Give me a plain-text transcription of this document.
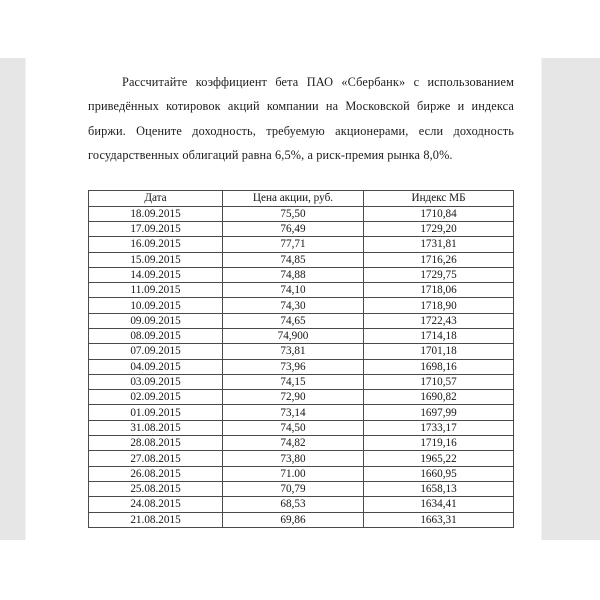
Рассчитайте коэффициент бета ПАО «Сбербанк» с использованием приведённых котировок акций компании на Московской бирже и индекса биржи. Оцените доходность, требуемую акционерами, если доходность государственных облигаций равна 6,5%, а риск-премия рынка 8,0%.

Дата	Цена акции, руб.	Индекс МБ
18.09.2015	75,50	1710,84
17.09.2015	76,49	1729,20
16.09.2015	77,71	1731,81
15.09.2015	74,85	1716,26
14.09.2015	74,88	1729,75
11.09.2015	74,10	1718,06
10.09.2015	74,30	1718,90
09.09.2015	74,65	1722,43
08.09.2015	74,900	1714,18
07.09.2015	73,81	1701,18
04.09.2015	73,96	1698,16
03.09.2015	74,15	1710,57
02.09.2015	72,90	1690,82
01.09.2015	73,14	1697,99
31.08.2015	74,50	1733,17
28.08.2015	74,82	1719,16
27.08.2015	73,80	1965,22
26.08.2015	71.00	1660,95
25.08.2015	70,79	1658,13
24.08.2015	68,53	1634,41
21.08.2015	69,86	1663,31
